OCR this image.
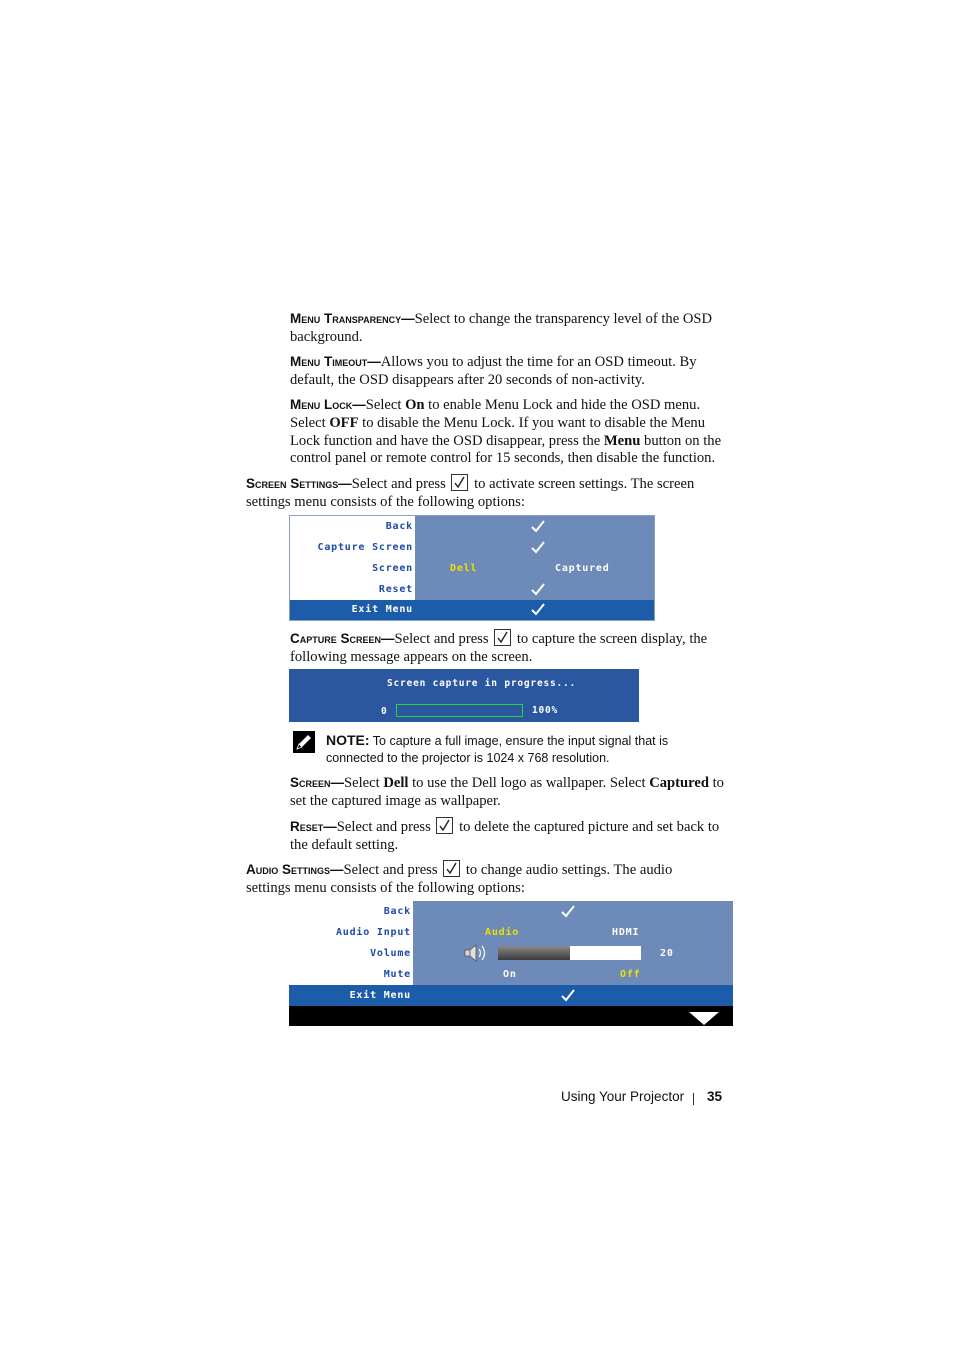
Menu Transparency—Select to change the transparency level of the OSD background.

Menu Timeout—Allows you to adjust the time for an OSD timeout. By default, the OSD disappears after 20 seconds of non-activity.

Menu Lock—Select On to enable Menu Lock and hide the OSD menu. Select OFF to disable the Menu Lock. If you want to disable the Menu Lock function and have the OSD disappear, press the Menu button on the control panel or remote control for 15 seconds, then disable the function.

Screen Settings—Select and press
to activate screen settings. The screen settings menu consists of the following options:

Back
Capture Screen
Screen	Dell	Captured
Reset
Exit Menu

Capture Screen—Select and press
to capture the screen display, the following message appears on the screen.

Screen capture in progress...
0	100%

NOTE: To capture a full image, ensure the input signal that is connected to the projector is 1024 x 768 resolution.

Screen—Select Dell to use the Dell logo as wallpaper. Select Captured to set the captured image as wallpaper.

Reset—Select and press
to delete the captured picture and set back to the default setting.

Audio Settings—Select and press
to change audio settings. The audio settings menu consists of the following options:

Back
Audio Input	Audio	HDMI
Volume	20
Mute	On	Off
Exit Menu
Using Your Projector 35
